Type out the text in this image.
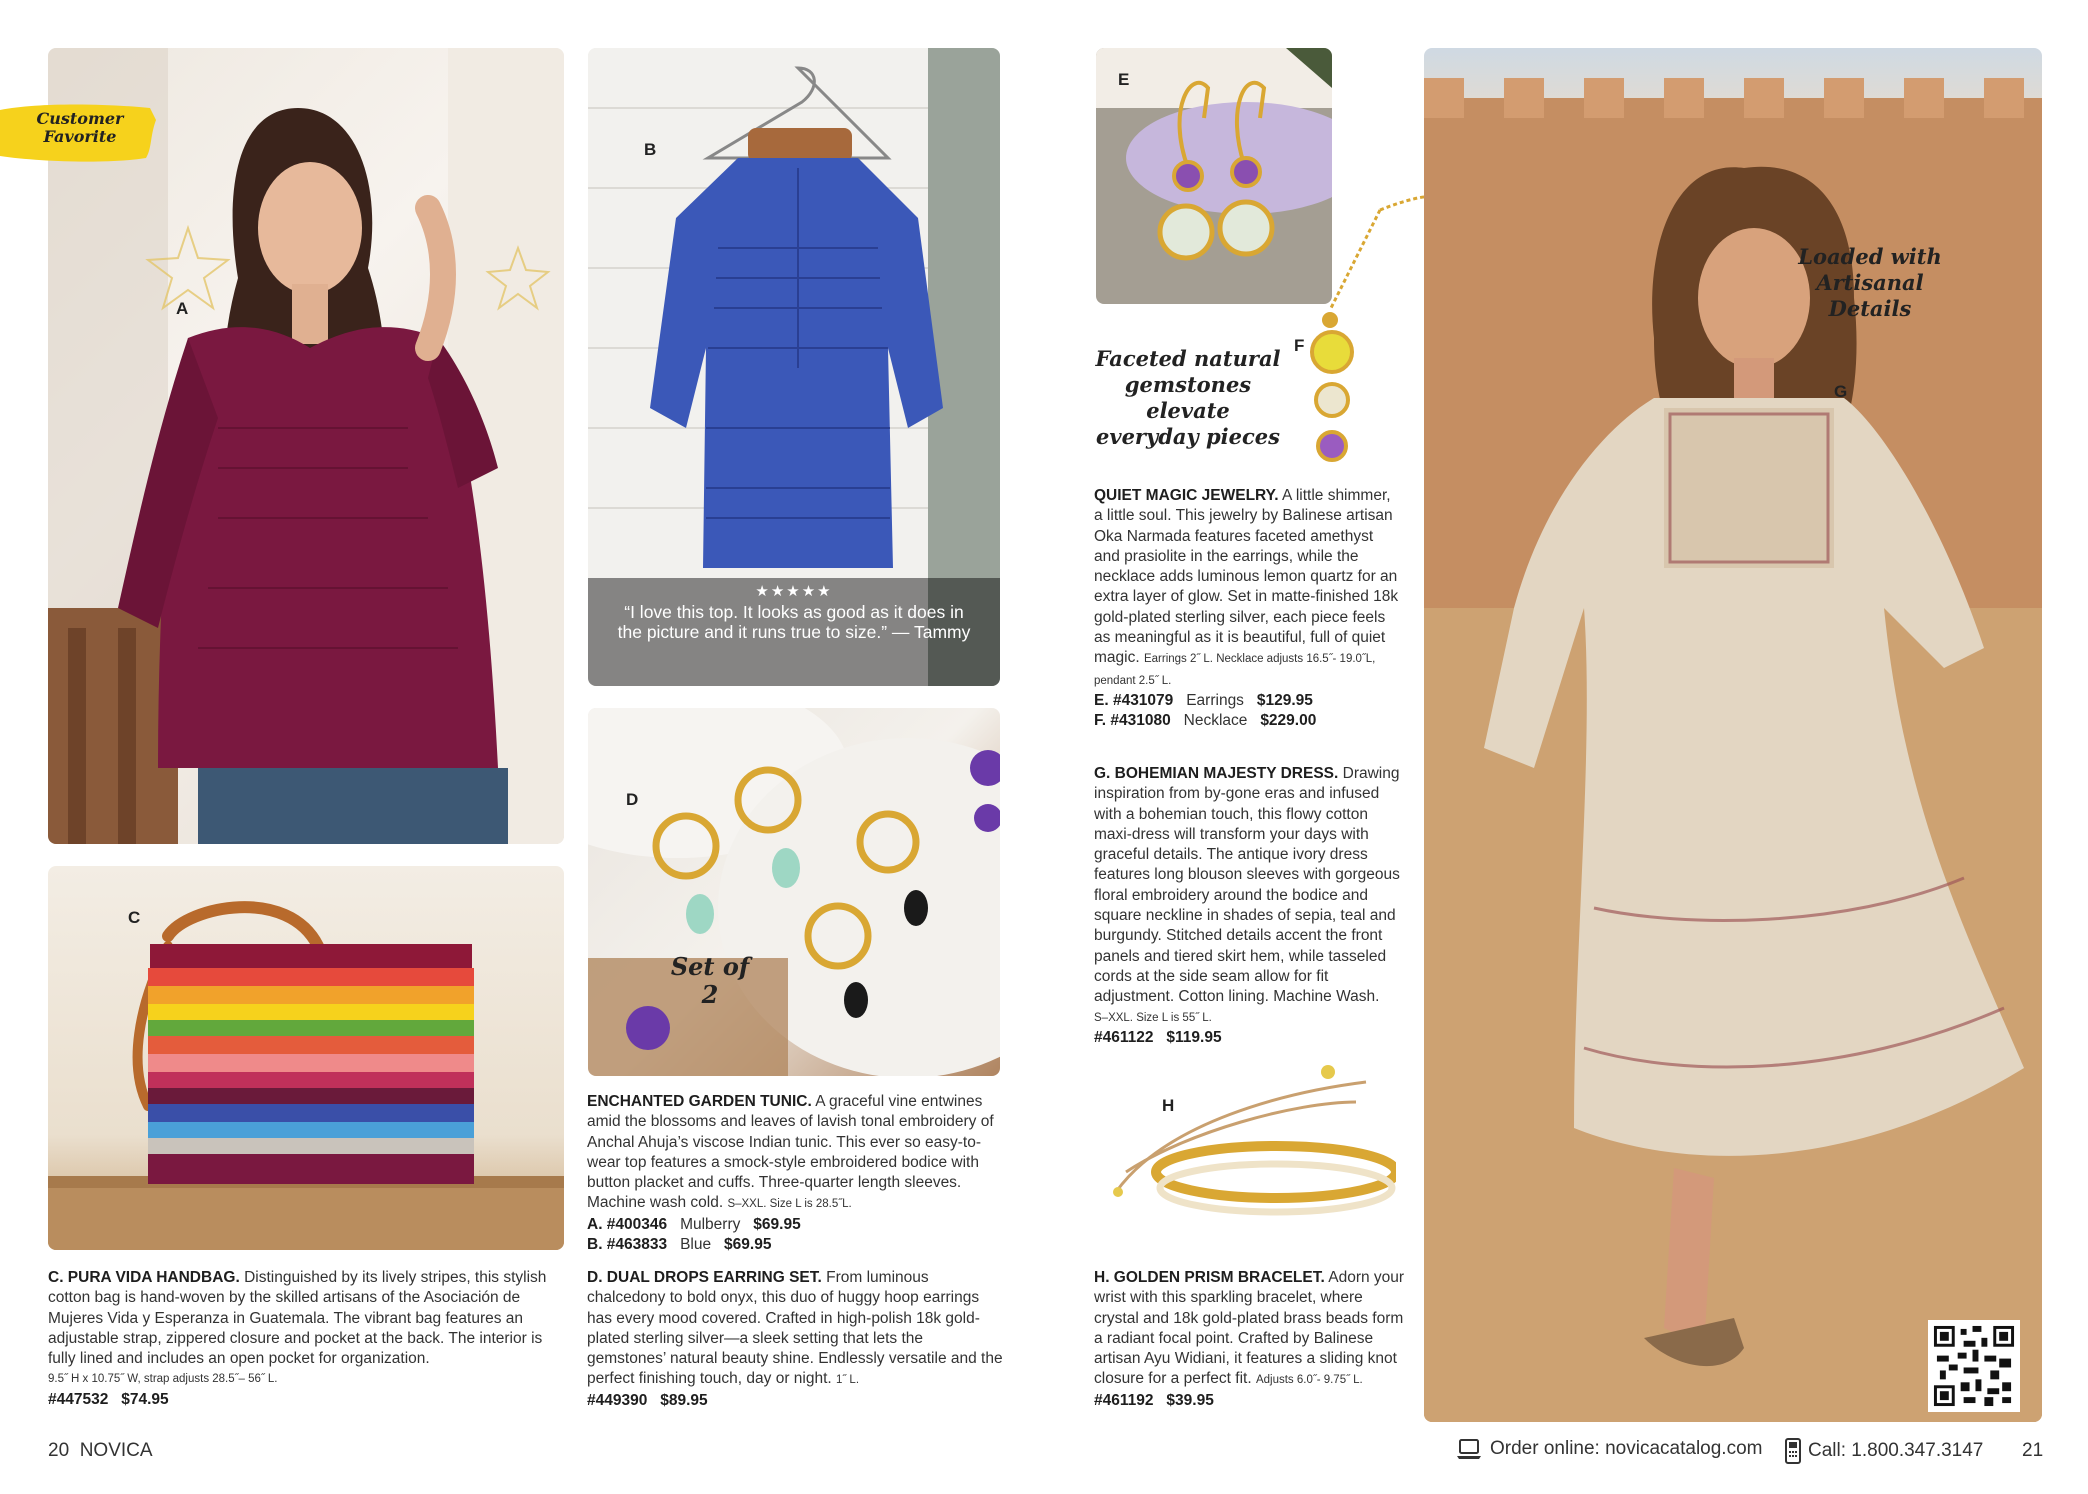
Customer
Favorite
A
★★★★★
“I love this top. It looks as good as it does in the picture and it runs true to size.” — Tammy
B
C
D
Set of 2
E
F
Faceted natural
gemstones
elevate
everyday pieces
H
G
Loaded with
Artisanal
Details

C. PURA VIDA HANDBAG. Distinguished by its lively stripes, this stylish cotton bag is hand-woven by the skilled artisans of the Asociación de Mujeres Vida y Esperanza in Guatemala. The vibrant bag features an adjustable strap, zippered closure and pocket at the back. The interior is fully lined and includes an open pocket for organization.

9.5˝ H x 10.75˝ W, strap adjusts 28.5˝– 56˝ L.

#447532 $74.95

ENCHANTED GARDEN TUNIC. A graceful vine entwines amid the blossoms and leaves of lavish tonal embroidery of Anchal Ahuja’s viscose Indian tunic. This ever so easy-to-wear top features a smock-style embroidered bodice with button placket and cuffs. Three-quarter length sleeves. Machine wash cold. S–XXL. Size L is 28.5˝L.

A. #400346 Mulberry $69.95

B. #463833 Blue $69.95

D. DUAL DROPS EARRING SET. From luminous chalcedony to bold onyx, this duo of huggy hoop earrings has every mood covered. Crafted in high-polish 18k gold-plated sterling silver—a sleek setting that lets the gemstones’ natural beauty shine. Endlessly versatile and the perfect finishing touch, day or night. 1˝ L.

#449390 $89.95

QUIET MAGIC JEWELRY. A little shimmer, a little soul. This jewelry by Balinese artisan Oka Narmada features faceted amethyst and prasiolite in the earrings, while the necklace adds luminous lemon quartz for an extra layer of glow. Set in matte-finished 18k gold-plated sterling silver, each piece feels as meaningful as it is beautiful, full of quiet magic. Earrings 2˝ L. Necklace adjusts 16.5˝- 19.0˝L, pendant 2.5˝ L.

E. #431079 Earrings $129.95

F. #431080 Necklace $229.00

G. BOHEMIAN MAJESTY DRESS. Drawing inspiration from by-gone eras and infused with a bohemian touch, this flowy cotton maxi-dress will transform your days with graceful details. The antique ivory dress features long blouson sleeves with gorgeous floral embroidery around the bodice and square neckline in shades of sepia, teal and burgundy. Stitched details accent the front panels and tiered skirt hem, while tasseled cords at the side seam allow for fit adjustment. Cotton lining. Machine Wash.

S–XXL. Size L is 55˝ L.

#461122 $119.95

H. GOLDEN PRISM BRACELET. Adorn your wrist with this sparkling bracelet, where crystal and 18k gold-plated brass beads form a radiant focal point. Crafted by Balinese artisan Ayu Widiani, it features a sliding knot closure for a perfect fit. Adjusts 6.0˝- 9.75˝ L.

#461192 $39.95

20 NOVICA	Order online: novicacatalog.com Call: 1.800.347.3147 21
